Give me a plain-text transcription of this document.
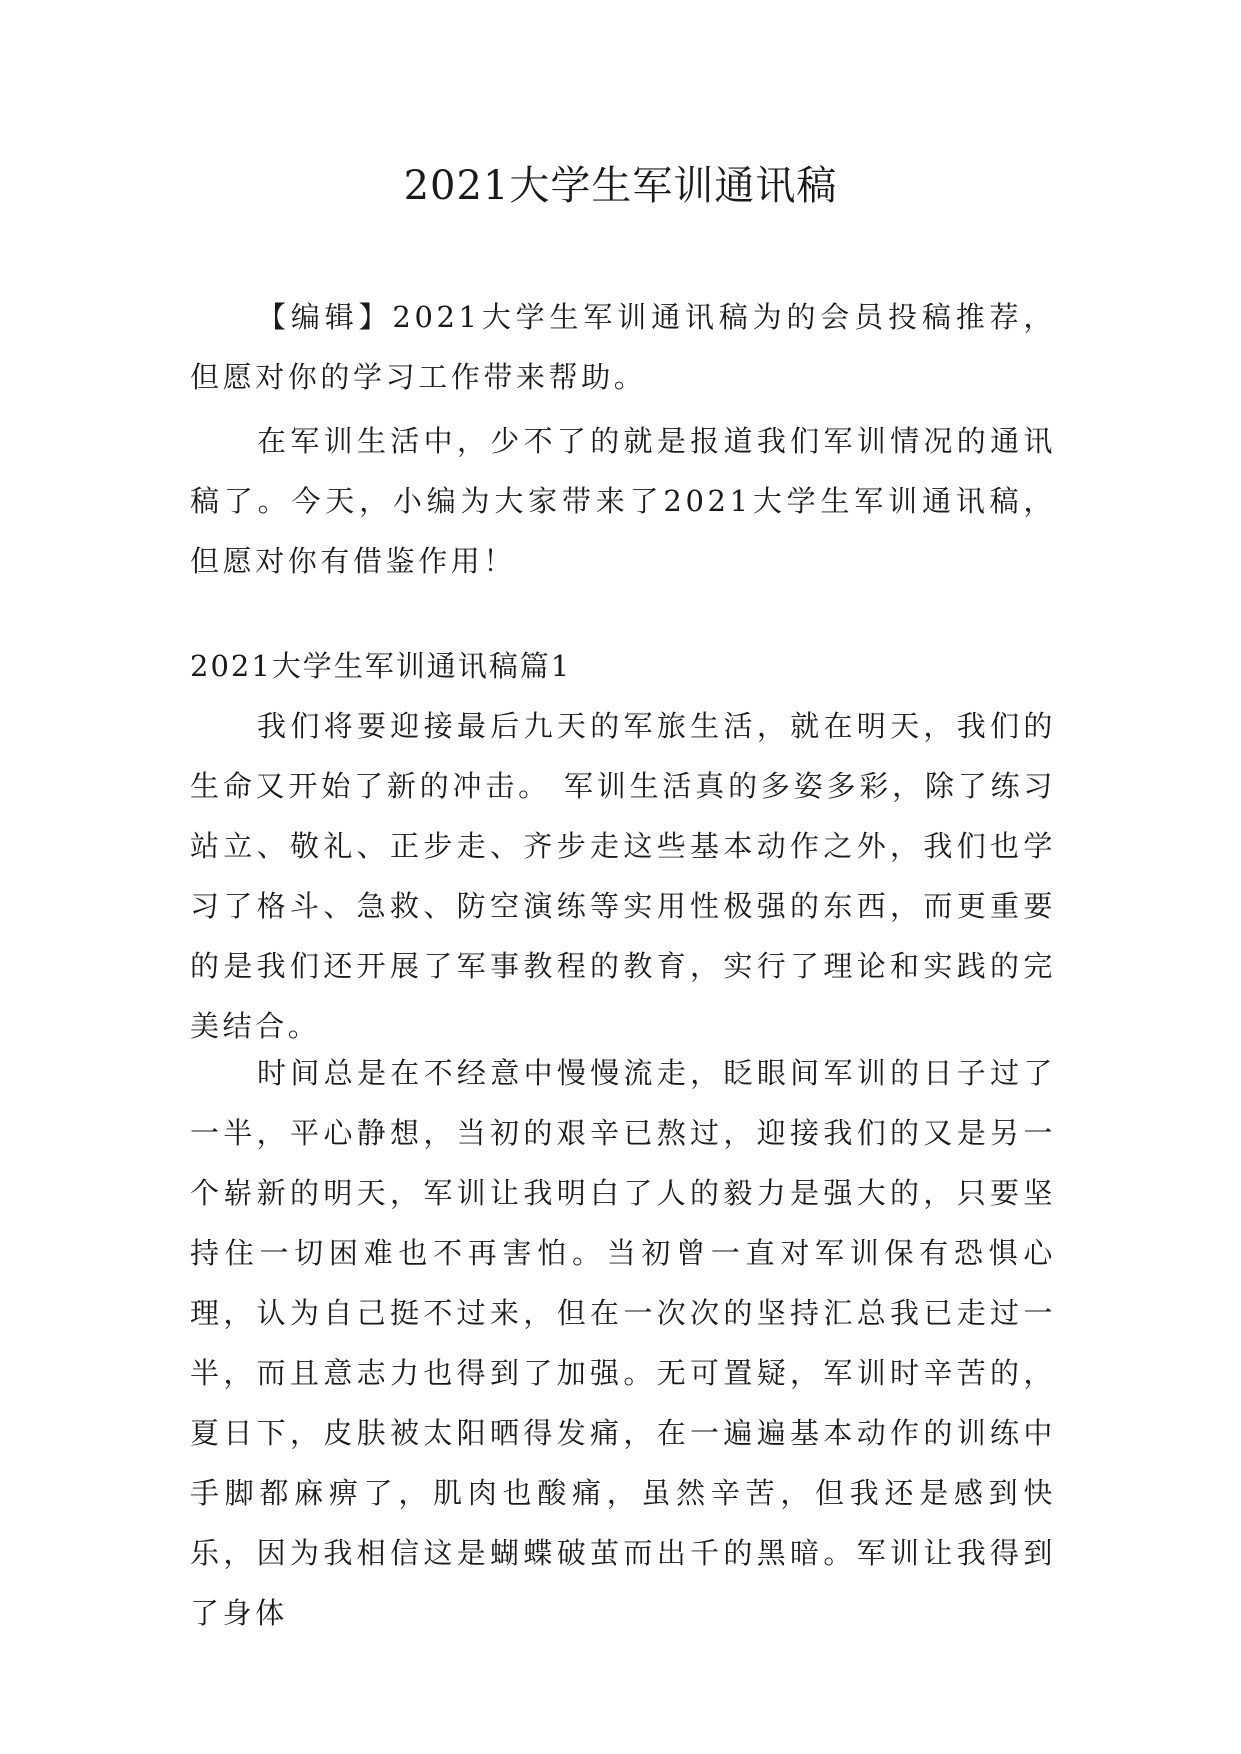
2021大学生军训通讯稿

【编辑】2021大学生军训通讯稿为的会员投稿推荐，但愿对你的学习工作带来帮助。

在军训生活中，少不了的就是报道我们军训情况的通讯稿了。今天，小编为大家带来了2021大学生军训通讯稿，但愿对你有借鉴作用！

2021大学生军训通讯稿篇1

我们将要迎接最后九天的军旅生活，就在明天，我们的生命又开始了新的冲击。 军训生活真的多姿多彩，除了练习站立、敬礼、正步走、齐步走这些基本动作之外，我们也学习了格斗、急救、防空演练等实用性极强的东西，而更重要的是我们还开展了军事教程的教育，实行了理论和实践的完美结合。

时间总是在不经意中慢慢流走，眨眼间军训的日子过了一半，平心静想，当初的艰辛已熬过，迎接我们的又是另一个崭新的明天，军训让我明白了人的毅力是强大的，只要坚持住一切困难也不再害怕。当初曾一直对军训保有恐惧心理，认为自己挺不过来，但在一次次的坚持汇总我已走过一半，而且意志力也得到了加强。无可置疑，军训时辛苦的，夏日下，皮肤被太阳晒得发痛，在一遍遍基本动作的训练中手脚都麻痹了，肌肉也酸痛，虽然辛苦，但我还是感到快乐，因为我相信这是蝴蝶破茧而出千的黑暗。军训让我得到了身体
